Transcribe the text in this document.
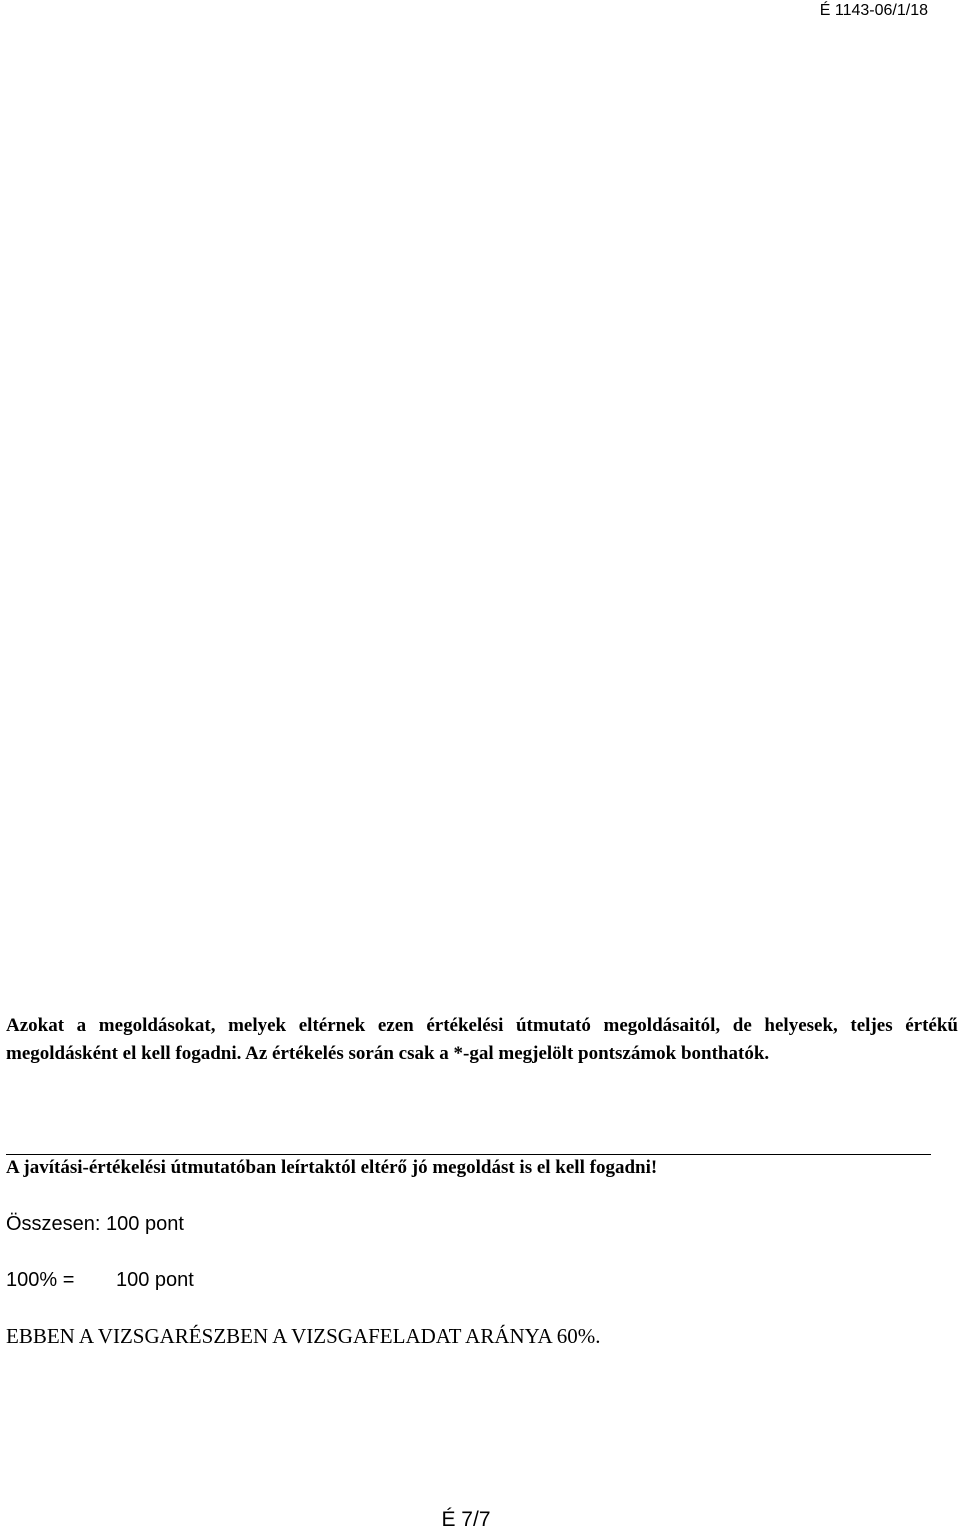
É 1143-06/1/18

Azokat a megoldásokat, melyek eltérnek ezen értékelési útmutató megoldásaitól, de helyesek, teljes értékű megoldásként el kell fogadni. Az értékelés során csak a *-gal megjelölt pontszámok bonthatók.

A javítási-értékelési útmutatóban leírtaktól eltérő jó megoldást is el kell fogadni!

Összesen: 100 pont
100% = 100 pont
EBBEN A VIZSGARÉSZBEN A VIZSGAFELADAT ARÁNYA 60%.
É 7/7
